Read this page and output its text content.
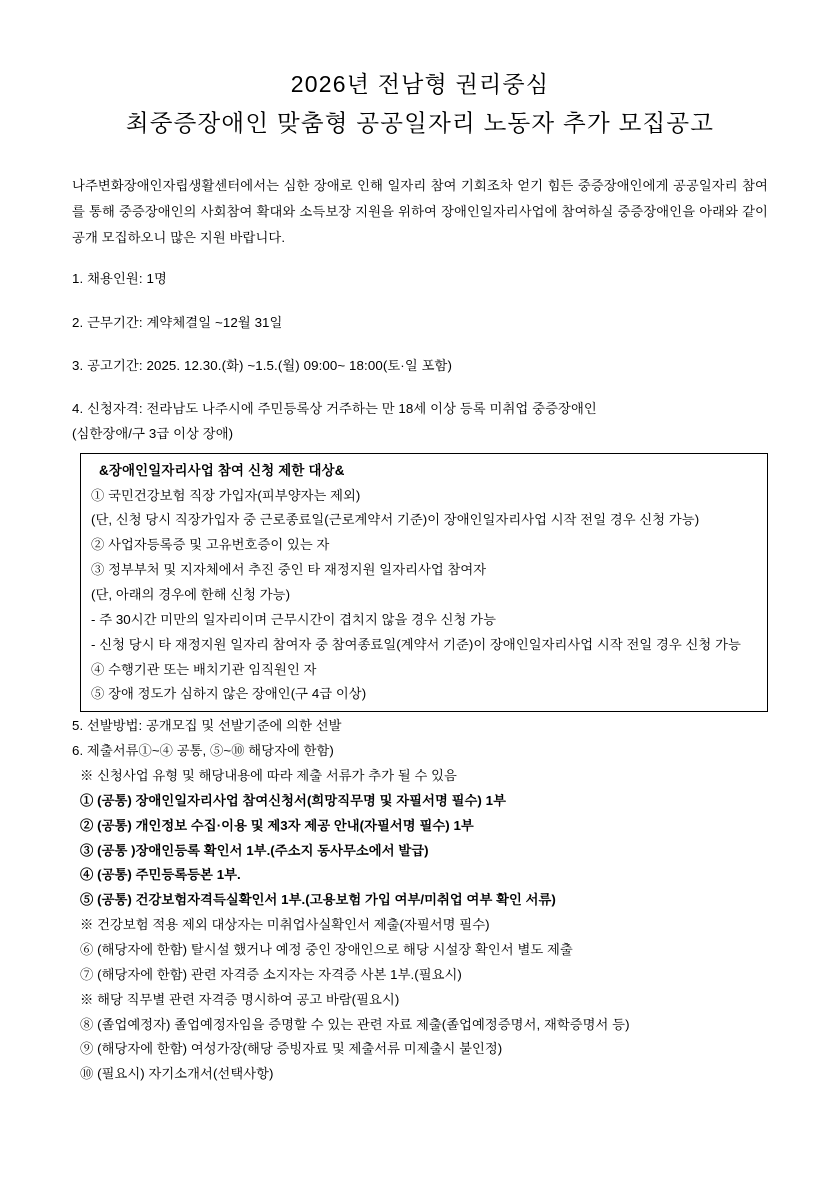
2026년 전남형 권리중심
최중증장애인 맞춤형 공공일자리 노동자 추가 모집공고

나주변화장애인자립생활센터에서는 심한 장애로 인해 일자리 참여 기회조차 얻기 힘든 중증장애인에게 공공일자리 참여를 통해 중증장애인의 사회참여 확대와 소득보장 지원을 위하여 장애인일자리사업에 참여하실 중증장애인을 아래와 같이 공개 모집하오니 많은 지원 바랍니다.

1. 채용인원: 1명
2. 근무기간: 계약체결일 ~12월 31일
3. 공고기간: 2025. 12.30.(화) ~1.5.(월) 09:00~ 18:00(토·일 포함)
4. 신청자격: 전라남도 나주시에 주민등록상 거주하는 만 18세 이상 등록 미취업 중증장애인
(심한장애/구 3급 이상 장애)
&장애인일자리사업 참여 신청 제한 대상&
① 국민건강보험 직장 가입자(피부양자는 제외)
(단, 신청 당시 직장가입자 중 근로종료일(근로계약서 기준)이 장애인일자리사업 시작 전일 경우 신청 가능)
② 사업자등록증 및 고유번호증이 있는 자
③ 정부부처 및 지자체에서 추진 중인 타 재정지원 일자리사업 참여자
(단, 아래의 경우에 한해 신청 가능)
- 주 30시간 미만의 일자리이며 근무시간이 겹치지 않을 경우 신청 가능
- 신청 당시 타 재정지원 일자리 참여자 중 참여종료일(계약서 기준)이 장애인일자리사업 시작 전일 경우 신청 가능
④ 수행기관 또는 배치기관 임직원인 자
⑤ 장애 정도가 심하지 않은 장애인(구 4급 이상)
5. 선발방법: 공개모집 및 선발기준에 의한 선발
6. 제출서류①~④ 공통, ⑤~⑩ 해당자에 한함)
※ 신청사업 유형 및 해당내용에 따라 제출 서류가 추가 될 수 있음
① (공통) 장애인일자리사업 참여신청서(희망직무명 및 자필서명 필수) 1부
② (공통) 개인정보 수집·이용 및 제3자 제공 안내(자필서명 필수) 1부
③ (공통 )장애인등록 확인서 1부.(주소지 동사무소에서 발급)
④ (공통) 주민등록등본 1부.
⑤ (공통) 건강보험자격득실확인서 1부.(고용보험 가입 여부/미취업 여부 확인 서류)
※ 건강보험 적용 제외 대상자는 미취업사실확인서 제출(자필서명 필수)
⑥ (해당자에 한함) 탈시설 했거나 예정 중인 장애인으로 해당 시설장 확인서 별도 제출
⑦ (해당자에 한함) 관련 자격증 소지자는 자격증 사본 1부.(필요시)
※ 해당 직무별 관련 자격증 명시하여 공고 바람(필요시)
⑧ (졸업예정자) 졸업예정자임을 증명할 수 있는 관련 자료 제출(졸업예정증명서, 재학증명서 등)
⑨ (해당자에 한함) 여성가장(해당 증빙자료 및 제출서류 미제출시 불인정)
⑩ (필요시) 자기소개서(선택사항)
